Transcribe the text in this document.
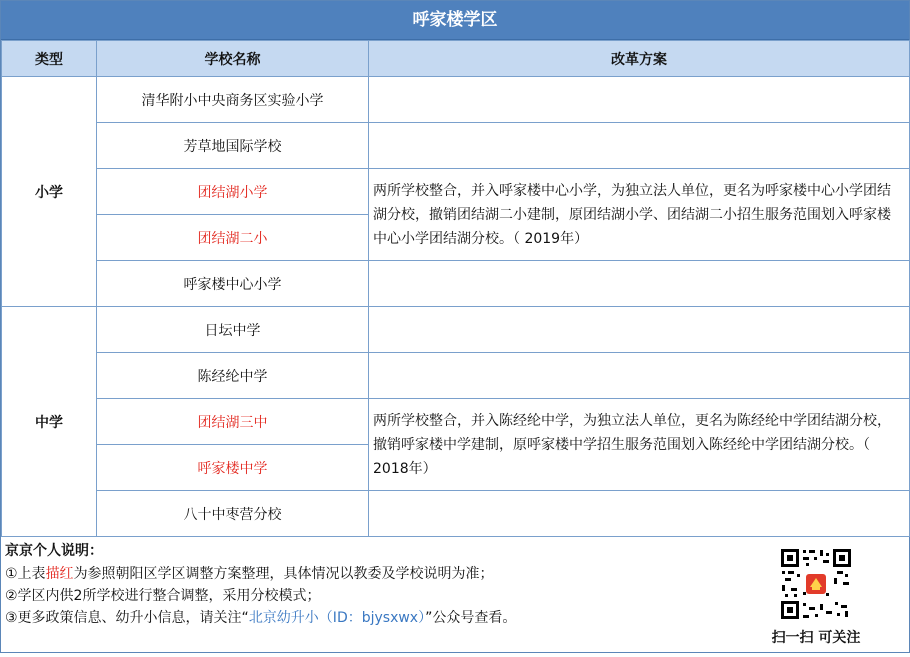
呼家楼学区
类型	学校名称	改革方案
小学	清华附小中央商务区实验小学	
	芳草地国际学校	
	团结湖小学	两所学校整合，并入呼家楼中心小学，为独立法人单位，更名为呼家楼中心小学团结湖分校，撤销团结湖二小建制，原团结湖小学、团结湖二小招生服务范围划入呼家楼中心小学团结湖分校。（ 2019年）
	团结湖二小	
	呼家楼中心小学	
中学	日坛中学	
	陈经纶中学	
	团结湖三中	两所学校整合，并入陈经纶中学，为独立法人单位，更名为陈经纶中学团结湖分校，撤销呼家楼中学建制，原呼家楼中学招生服务范围划入陈经纶中学团结湖分校。（ 2018年）
	呼家楼中学	
	八十中枣营分校	
京京个人说明：
①上表描红为参照朝阳区学区调整方案整理，具体情况以教委及学校说明为准；
②学区内供2所学校进行整合调整，采用分校模式；
③更多政策信息、幼升小信息，请关注“北京幼升小（ID：bjysxwx）”公众号查看。
扫一扫 可关注
